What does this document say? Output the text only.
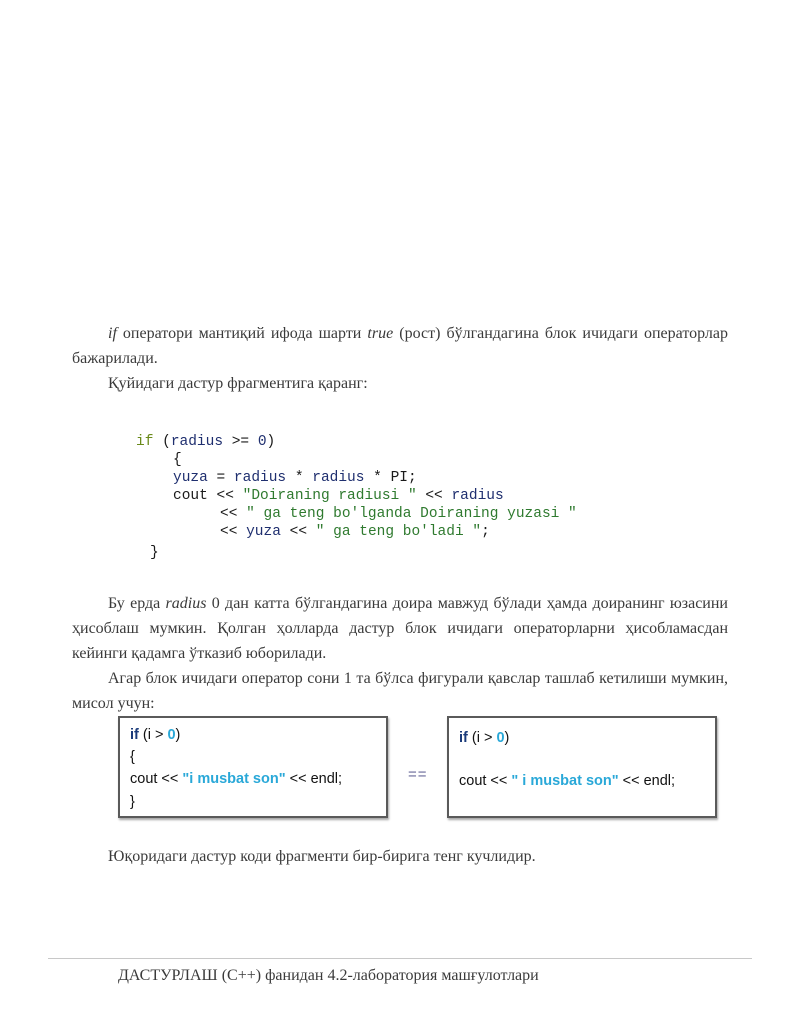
if оператори мантиқий ифода шарти true (рост) бўлгандагина блок ичидаги операторлар бажарилади.

Қуйидаги дастур фрагментига қаранг:

if (radius >= 0)
{
yuza = radius * radius * PI;
cout << "Doiraning radiusi " << radius
<< " ga teng bo'lganda Doiraning yuzasi "
<< yuza << " ga teng bo'ladi ";
}

Бу ерда radius 0 дан катта бўлгандагина доира мавжуд бўлади ҳамда доиранинг юзасини ҳисоблаш мумкин. Қолган ҳолларда дастур блок ичидаги операторларни ҳисобламасдан кейинги қадамга ўтказиб юборилади.

Агар блок ичидаги оператор сони 1 та бўлса фигурали қавслар ташлаб кетилиши мумкин, мисол учун:

if (i > 0)
{
cout << "i musbat son" << endl;
}
==
if (i > 0)
cout << " i musbat son" << endl;

Юқоридаги дастур коди фрагменти бир-бирига тенг кучлидир.

ДАСТУРЛАШ (С++) фанидан 4.2-лаборатория машғулотлари
